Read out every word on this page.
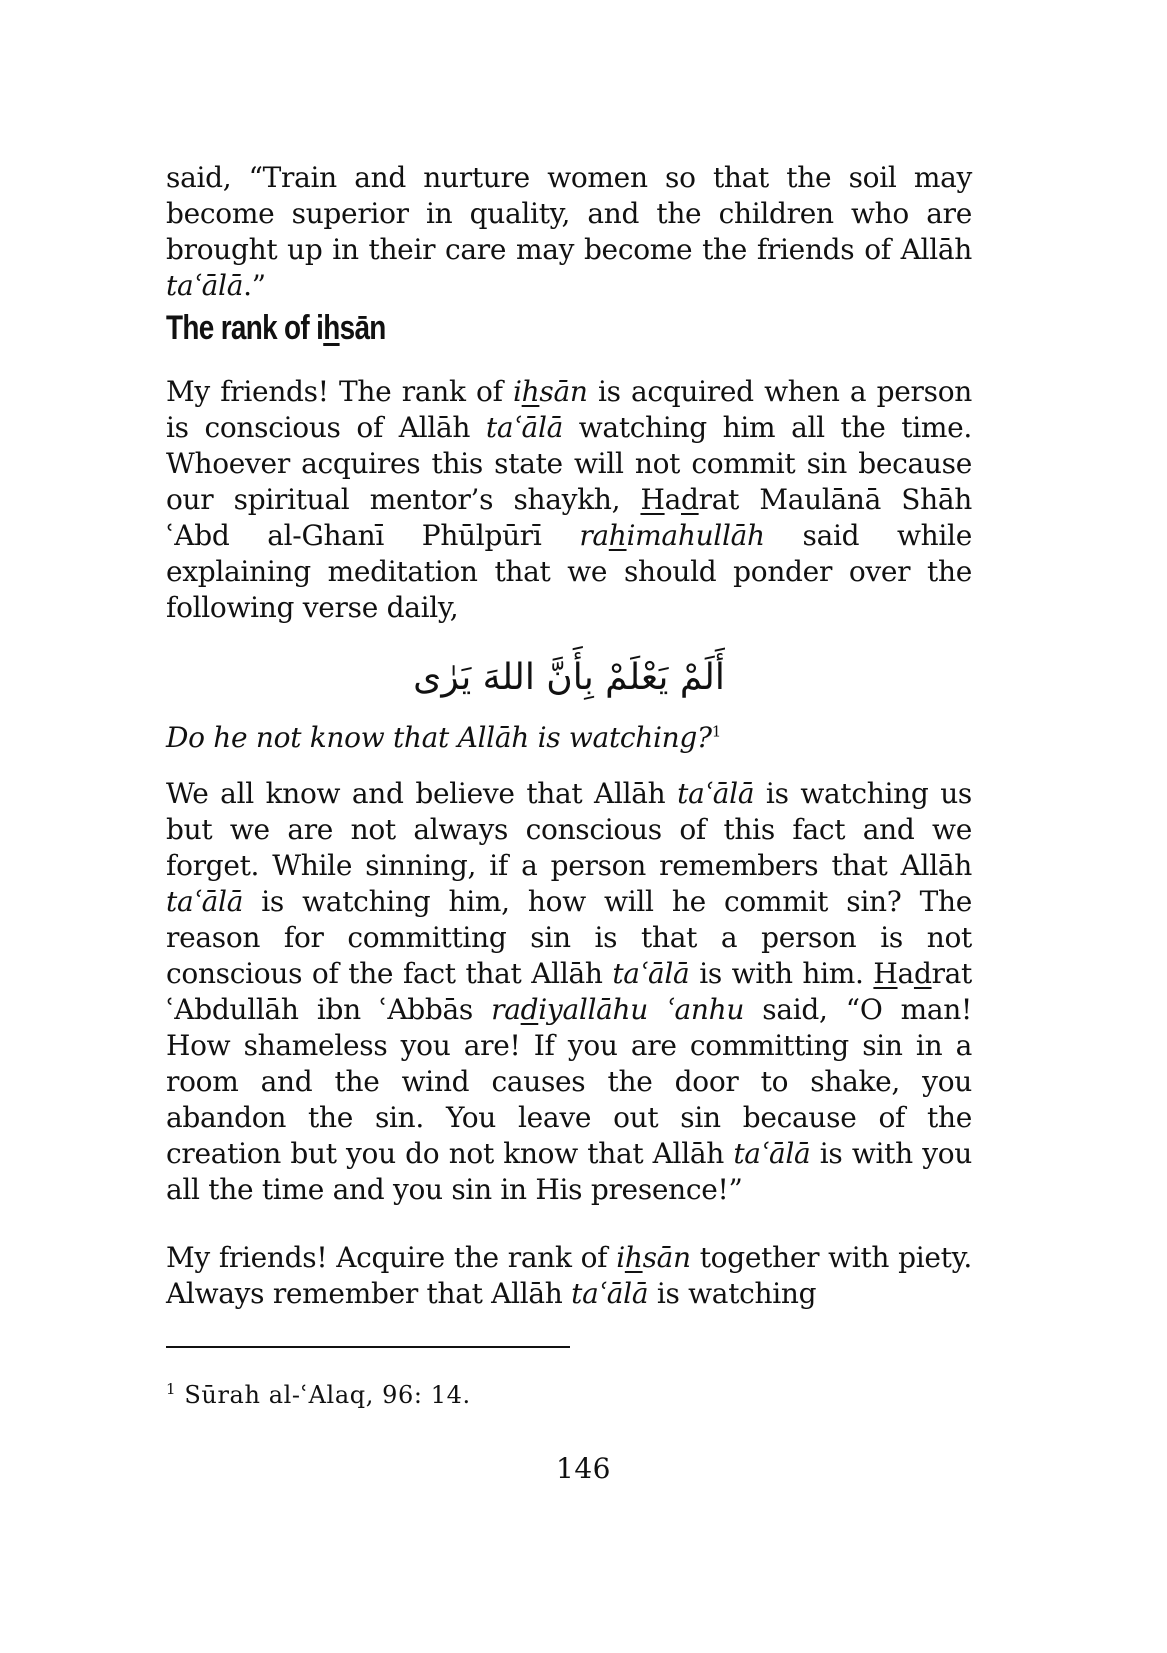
said, “Train and nurture women so that the soil may become superior in quality, and the children who are brought up in their care may become the friends of Allāh taʿālā.”

The rank of ihsān

My friends! The rank of ihsān is acquired when a person is conscious of Allāh taʿālā watching him all the time. Whoever acquires this state will not commit sin because our spiritual mentor’s shaykh, Hadrat Maulānā Shāh ʿAbd al-Ghanī Phūlpūrī rahimahullāh said while explaining meditation that we should ponder over the following verse daily,

أَلَمْ يَعْلَمْ بِأَنَّ اللهَ يَرٰى

Do he not know that Allāh is watching?$^1$

We all know and believe that Allāh taʿālā is watching us but we are not always conscious of this fact and we forget. While sinning, if a person remembers that Allāh taʿālā is watching him, how will he commit sin? The reason for committing sin is that a person is not conscious of the fact that Allāh taʿālā is with him. Hadrat ʿAbdullāh ibn ʿAbbās radiyallāhu ʿanhu said, “O man! How shameless you are! If you are committing sin in a room and the wind causes the door to shake, you abandon the sin. You leave out sin because of the creation but you do not know that Allāh taʿālā is with you all the time and you sin in His presence!”

My friends! Acquire the rank of ihsān together with piety. Always remember that Allāh taʿālā is watching

$^1$ Sūrah al-ʿAlaq, 96: 14.
146
